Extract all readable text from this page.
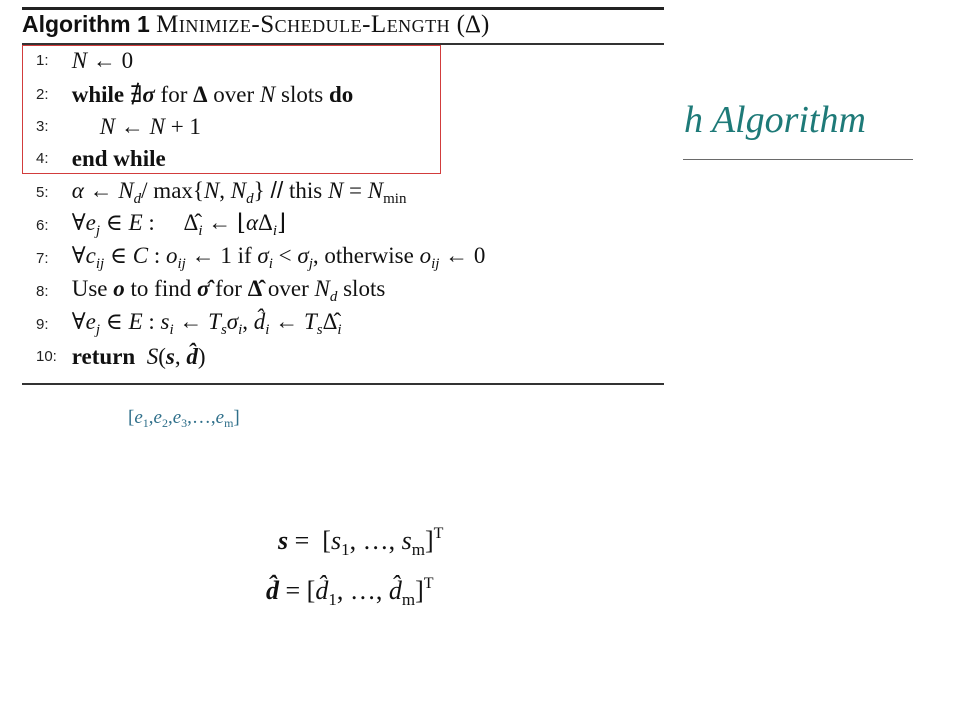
Algorithm 1 Minimize-Schedule-Length (Δ)
1: N ← 0
2: while ∄σ for Δ over N slots do
3: N ← N + 1
4: end while
5: α ← $N_d/$ max{N, $N_d$} // this $N = N_{min}$
6: $\forall e_j$ ∈ E :     $\Deltâ_i$ ← $⌊\alpha\Delta_i⌋$
7: $\forall c_{ij}$ ∈ C : $o_{ij}$ ← 1 if $\sigma_i < \sigma_j$, otherwise $o_{ij}$ ← 0
8: Use o to find σ̂ for Δ̂ over $N_d$ slots
9: $\forall e_j$ ∈ E : $s_i$ ← $T_s\sigma_i$, $d̂_i$ ← $T_s\Deltâ_i$
10: return S(s, d̂)
h Algorithm
$[e_1,e_2,e_3,\dots,e_m]$
$s = [s_1$, …, $s_m]^T$
d̂ = [$d̂_1$, …, $d̂_m]^T$
